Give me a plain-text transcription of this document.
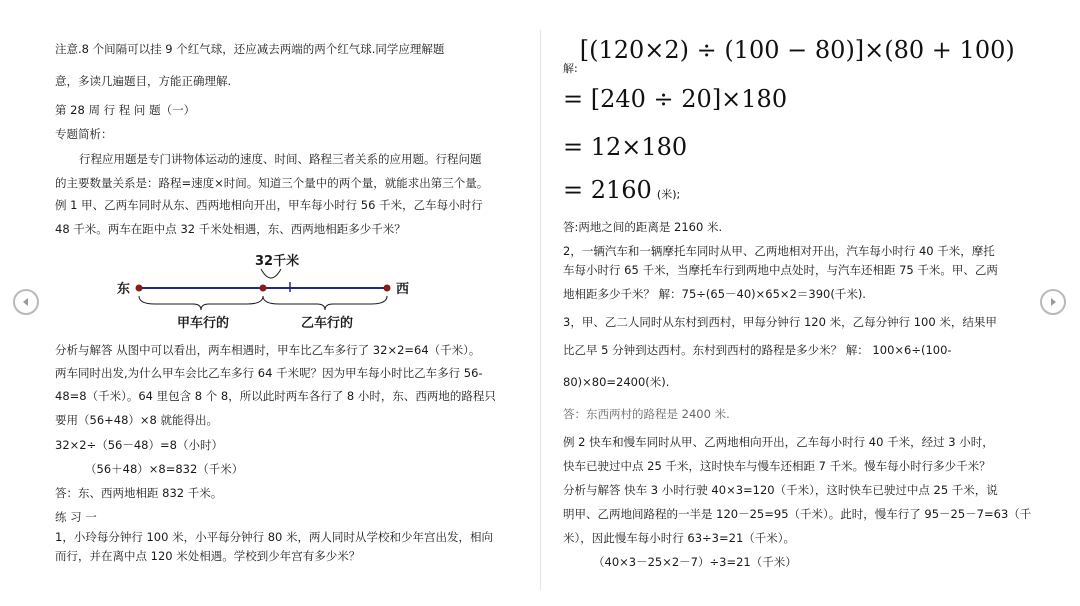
注意.8 个间隔可以挂 9 个红气球，还应减去两端的两个红气球.同学应理解题
意，多读几遍题目，方能正确理解.
第 28 周 行 程 问 题（一）
专题简析：
行程应用题是专门讲物体运动的速度、时间、路程三者关系的应用题。行程问题
的主要数量关系是：路程=速度×时间。知道三个量中的两个量，就能求出第三个量。
例 1 甲、乙两车同时从东、西两地相向开出，甲车每小时行 56 千米，乙车每小时行
48 千米。两车在距中点 32 千米处相遇，东、西两地相距多少千米？
32千米
东	西
甲车行的	乙车行的
分析与解答 从图中可以看出，两车相遇时，甲车比乙车多行了 32×2=64（千米）。
两车同时出发,为什么甲车会比乙车多行 64 千米呢？因为甲车每小时比乙车多行 56-
48=8（千米）。64 里包含 8 个 8，所以此时两车各行了 8 小时，东、西两地的路程只
要用（56+48）×8 就能得出。
32×2÷（56－48）=8（小时）
（56＋48）×8=832（千米）
答：东、西两地相距 832 千米。
练 习 一
1，小玲每分钟行 100 米，小平每分钟行 80 米，两人同时从学校和少年宫出发，相向
而行，并在离中点 120 米处相遇。学校到少年宫有多少米？
$_{解:}$[(120×2) ÷ (100 − 80)]×(80 + 100)
= [240 ÷ 20]×180
= 12×180
= 2160 (米);
答:两地之间的距离是 2160 米.
2，一辆汽车和一辆摩托车同时从甲、乙两地相对开出，汽车每小时行 40 千米，摩托
车每小时行 65 千米，当摩托车行到两地中点处时，与汽车还相距 75 千米。甲、乙两
地相距多少千米？ 解：75÷(65－40)×65×2＝390(千米).
3，甲、乙二人同时从东村到西村，甲每分钟行 120 米，乙每分钟行 100 米，结果甲
比乙早 5 分钟到达西村。东村到西村的路程是多少米？ 解： 100×6÷(100-
80)×80=2400(米).
答：东西两村的路程是 2400 米.
例 2 快车和慢车同时从甲、乙两地相向开出，乙车每小时行 40 千米，经过 3 小时，
快车已驶过中点 25 千米，这时快车与慢车还相距 7 千米。慢车每小时行多少千米？
分析与解答 快车 3 小时行驶 40×3=120（千米），这时快车已驶过中点 25 千米，说
明甲、乙两地间路程的一半是 120－25=95（千米）。此时，慢车行了 95－25－7=63（千
米），因此慢车每小时行 63÷3=21（千米）。
（40×3－25×2－7）÷3=21（千米）
